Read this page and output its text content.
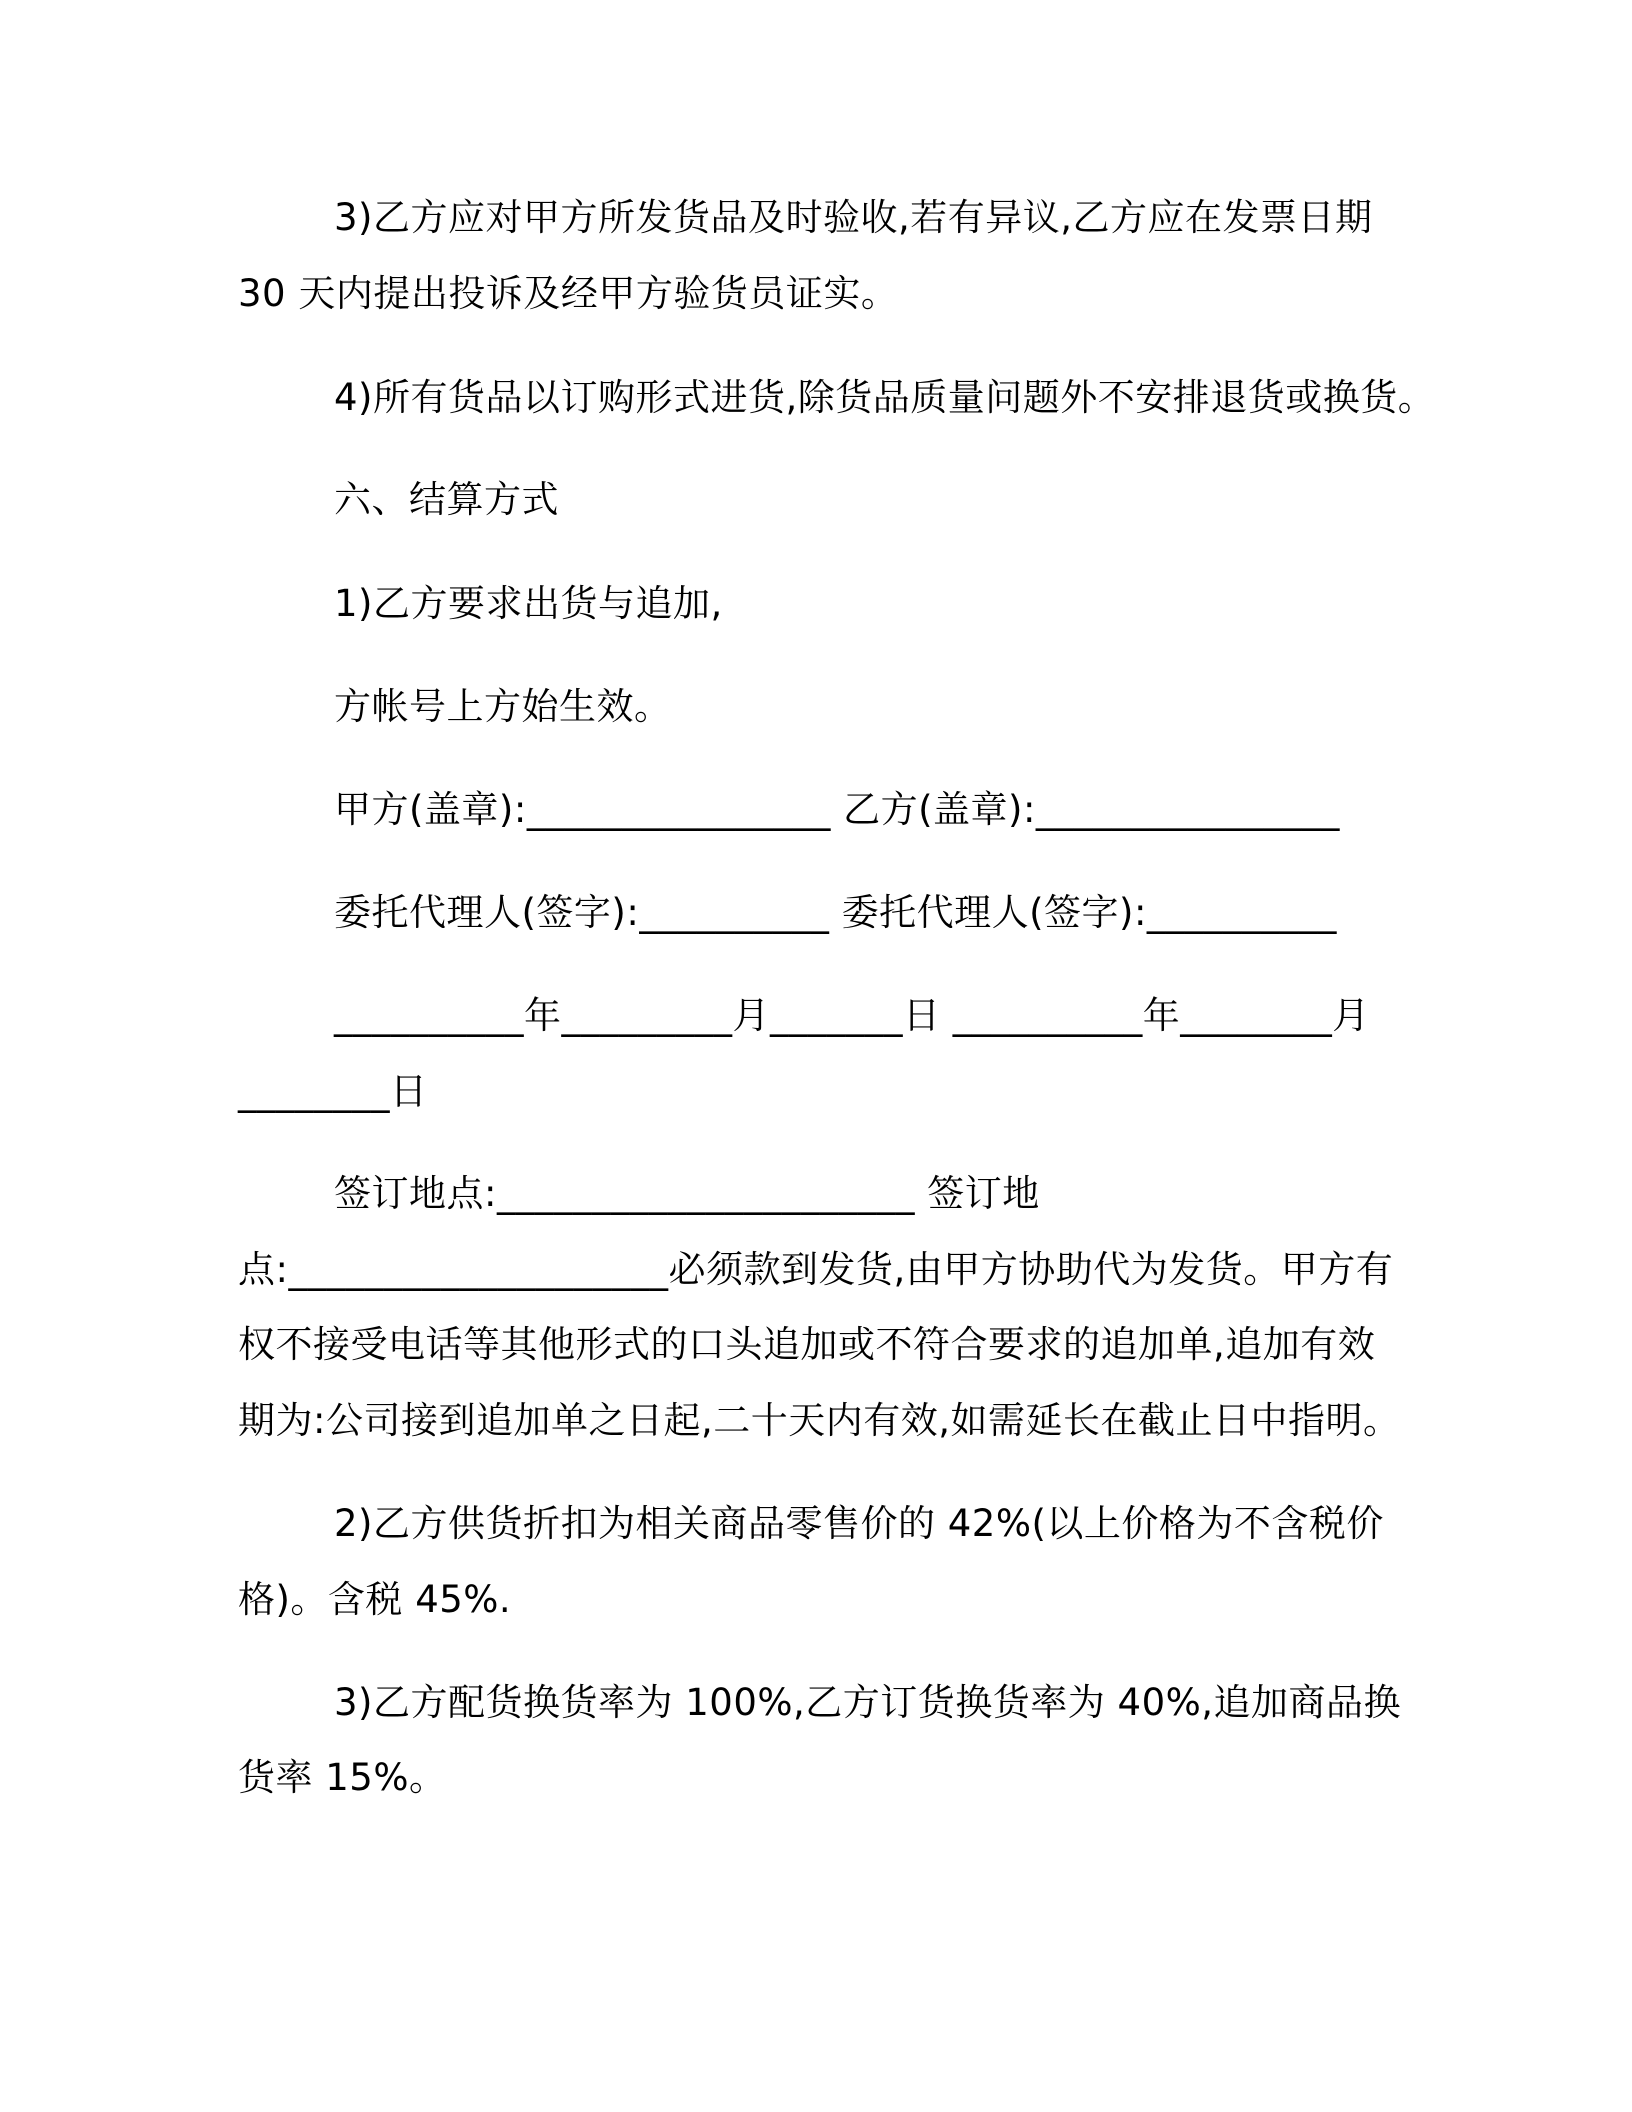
3)乙方应对甲方所发货品及时验收,若有异议,乙方应在发票日期
30 天内提出投诉及经甲方验货员证实。
4)所有货品以订购形式进货,除货品质量问题外不安排退货或换货。
六、结算方式
1)乙方要求出货与追加,
方帐号上方始生效。
甲方(盖章):________________ 乙方(盖章):________________
委托代理人(签字):__________ 委托代理人(签字):__________
__________年_________月_______日 __________年________月
________日
签订地点:______________________ 签订地
点:____________________必须款到发货,由甲方协助代为发货。甲方有
权不接受电话等其他形式的口头追加或不符合要求的追加单,追加有效
期为:公司接到追加单之日起,二十天内有效,如需延长在截止日中指明。
2)乙方供货折扣为相关商品零售价的 42%(以上价格为不含税价
格)。含税 45%.
3)乙方配货换货率为 100%,乙方订货换货率为 40%,追加商品换
货率 15%。
